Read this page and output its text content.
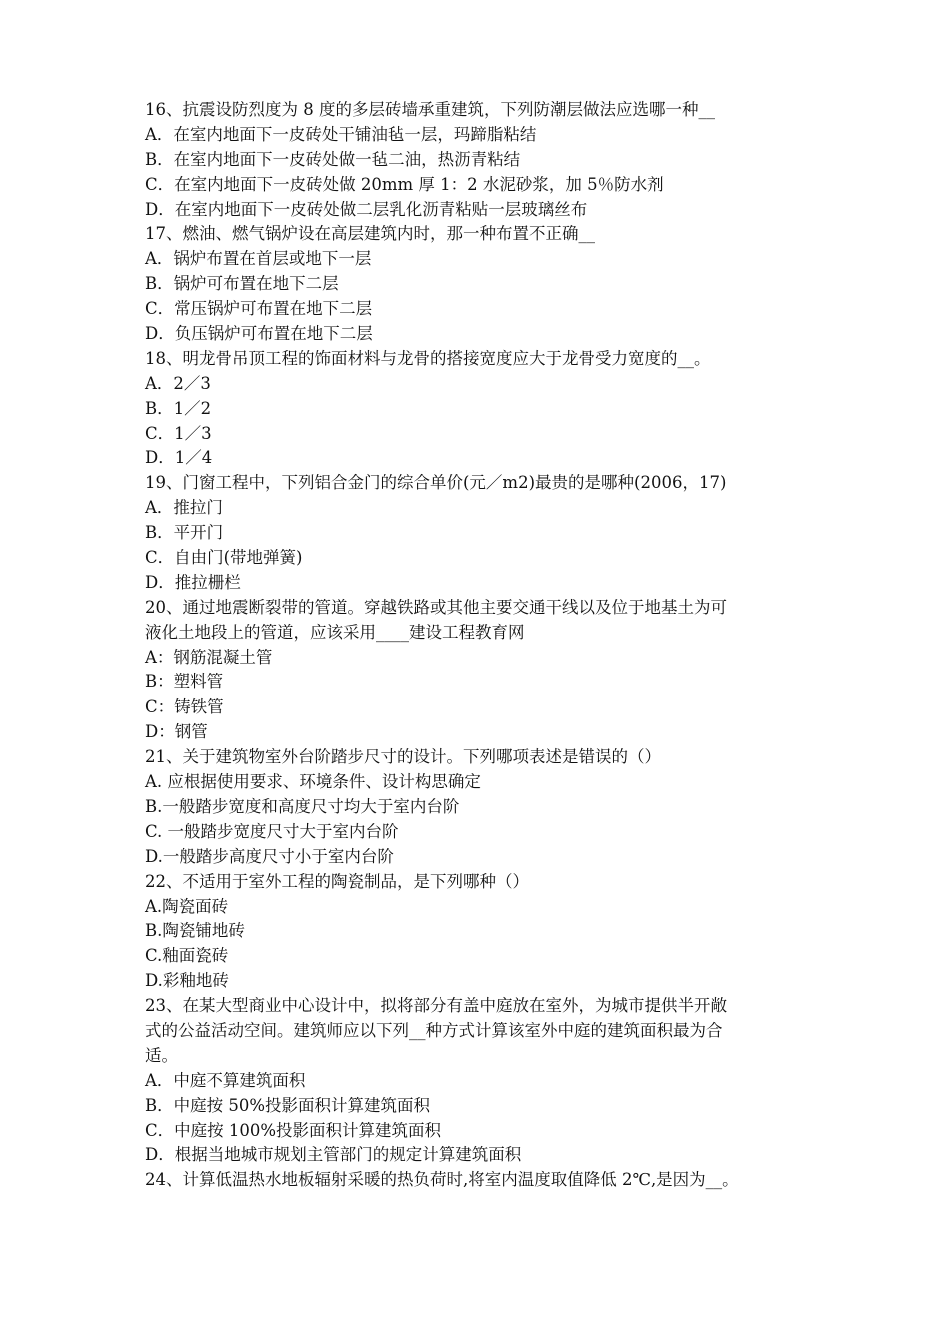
16、抗震设防烈度为 8 度的多层砖墙承重建筑，下列防潮层做法应选哪一种__
A．在室内地面下一皮砖处干铺油毡一层，玛蹄脂粘结
B．在室内地面下一皮砖处做一毡二油，热沥青粘结
C．在室内地面下一皮砖处做 20mm 厚 1：2 水泥砂浆，加 5％防水剂
D．在室内地面下一皮砖处做二层乳化沥青粘贴一层玻璃丝布
17、燃油、燃气锅炉设在高层建筑内时，那一种布置不正确__
A．锅炉布置在首层或地下一层
B．锅炉可布置在地下二层
C．常压锅炉可布置在地下二层
D．负压锅炉可布置在地下二层
18、明龙骨吊顶工程的饰面材料与龙骨的搭接宽度应大于龙骨受力宽度的__。
A．2／3
B．1／2
C．1／3
D．1／4
19、门窗工程中，下列铝合金门的综合单价(元／m2)最贵的是哪种(2006，17)
A．推拉门
B．平开门
C．自由门(带地弹簧)
D．推拉栅栏
20、通过地震断裂带的管道。穿越铁路或其他主要交通干线以及位于地基土为可
液化土地段上的管道，应该采用____建设工程教育网
A：钢筋混凝土管
B：塑料管
C：铸铁管
D：钢管
21、关于建筑物室外台阶踏步尺寸的设计。下列哪项表述是错误的（）
A. 应根据使用要求、环境条件、设计构思确定
B.一般踏步宽度和高度尺寸均大于室内台阶
C. 一般踏步宽度尺寸大于室内台阶
D.一般踏步高度尺寸小于室内台阶
22、不适用于室外工程的陶瓷制品，是下列哪种（）
A.陶瓷面砖
B.陶瓷铺地砖
C.釉面瓷砖
D.彩釉地砖
23、在某大型商业中心设计中，拟将部分有盖中庭放在室外，为城市提供半开敞
式的公益活动空间。建筑师应以下列__种方式计算该室外中庭的建筑面积最为合
适。
A．中庭不算建筑面积
B．中庭按 50%投影面积计算建筑面积
C．中庭按 100%投影面积计算建筑面积
D．根据当地城市规划主管部门的规定计算建筑面积
24、计算低温热水地板辐射采暖的热负荷时,将室内温度取值降低 2℃,是因为__。
